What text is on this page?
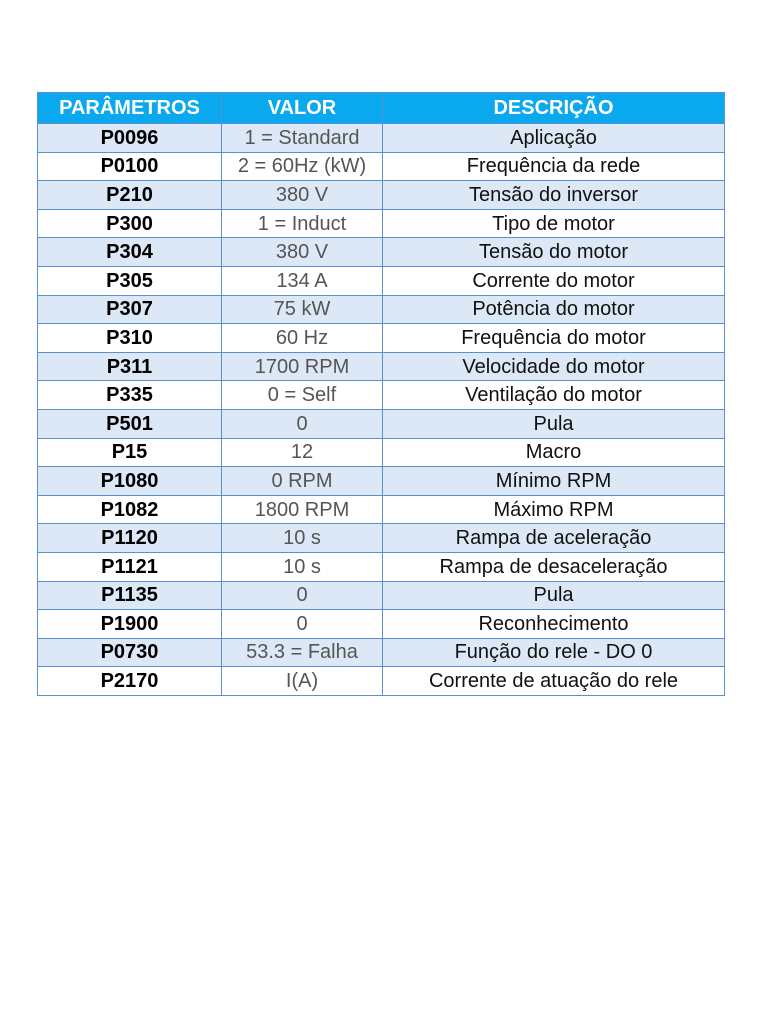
PARÂMETROS	VALOR	DESCRIÇÃO
P0096	1 = Standard	Aplicação
P0100	2 = 60Hz (kW)	Frequência da rede
P210	380 V	Tensão do inversor
P300	1 = Induct	Tipo de motor
P304	380 V	Tensão do motor
P305	134 A	Corrente do motor
P307	75 kW	Potência do motor
P310	60 Hz	Frequência do motor
P311	1700 RPM	Velocidade do motor
P335	0 = Self	Ventilação do motor
P501	0	Pula
P15	12	Macro
P1080	0 RPM	Mínimo RPM
P1082	1800 RPM	Máximo RPM
P1120	10 s	Rampa de aceleração
P1121	10 s	Rampa de desaceleração
P1135	0	Pula
P1900	0	Reconhecimento
P0730	53.3 = Falha	Função do rele - DO 0
P2170	I(A)	Corrente de atuação do rele
